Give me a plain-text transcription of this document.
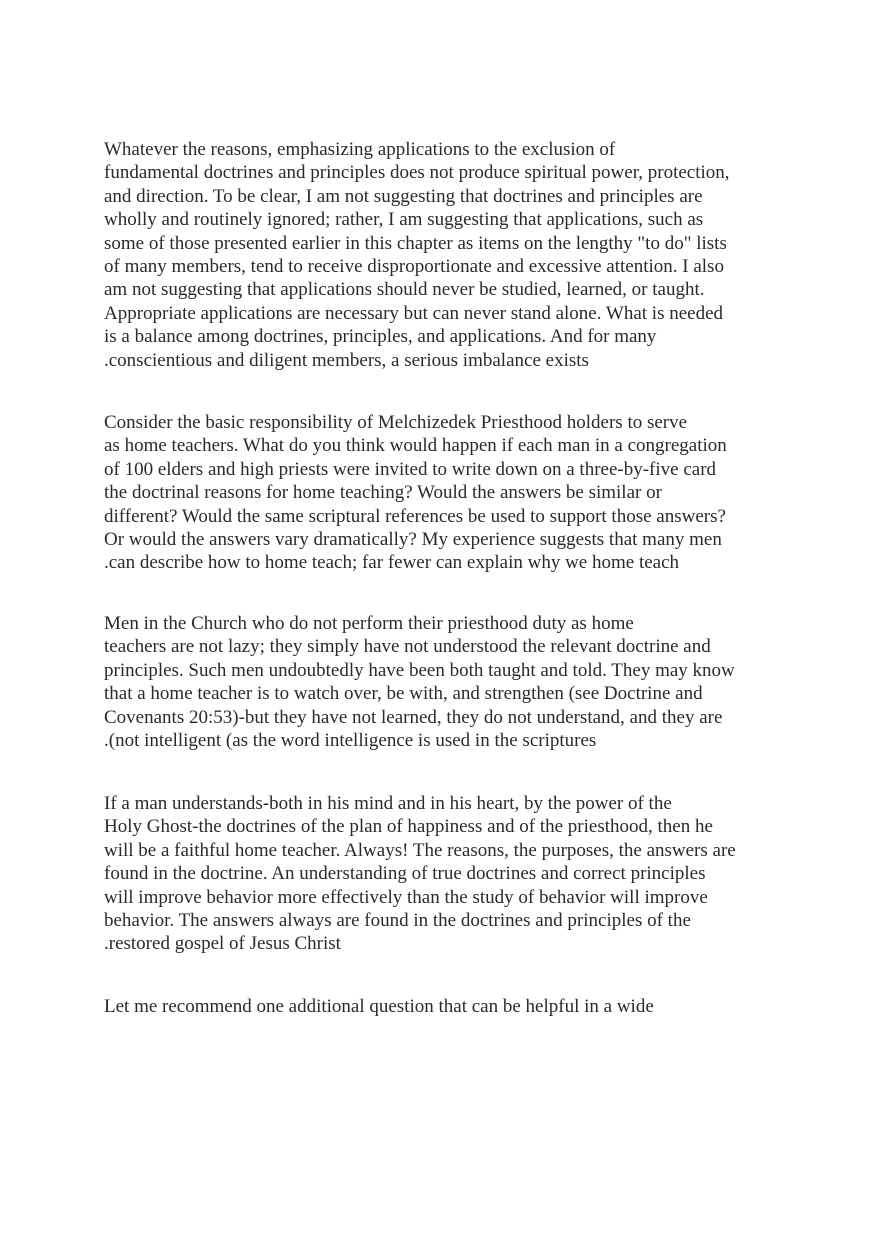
Whatever the reasons, emphasizing applications to the exclusion of
fundamental doctrines and principles does not produce spiritual power, protection,
and direction. To be clear, I am not suggesting that doctrines and principles are
wholly and routinely ignored; rather, I am suggesting that applications, such as
some of those presented earlier in this chapter as items on the lengthy "to do" lists
of many members, tend to receive disproportionate and excessive attention. I also
am not suggesting that applications should never be studied, learned, or taught.
Appropriate applications are necessary but can never stand alone. What is needed
is a balance among doctrines, principles, and applications. And for many
.conscientious and diligent members, a serious imbalance exists
Consider the basic responsibility of Melchizedek Priesthood holders to serve
as home teachers. What do you think would happen if each man in a congregation
of 100 elders and high priests were invited to write down on a three-by-five card
the doctrinal reasons for home teaching? Would the answers be similar or
different? Would the same scriptural references be used to support those answers?
Or would the answers vary dramatically? My experience suggests that many men
.can describe how to home teach; far fewer can explain why we home teach
Men in the Church who do not perform their priesthood duty as home
teachers are not lazy; they simply have not understood the relevant doctrine and
principles. Such men undoubtedly have been both taught and told. They may know
that a home teacher is to watch over, be with, and strengthen (see Doctrine and
Covenants 20:53)-but they have not learned, they do not understand, and they are
.(not intelligent (as the word intelligence is used in the scriptures
If a man understands-both in his mind and in his heart, by the power of the
Holy Ghost-the doctrines of the plan of happiness and of the priesthood, then he
will be a faithful home teacher. Always! The reasons, the purposes, the answers are
found in the doctrine. An understanding of true doctrines and correct principles
will improve behavior more effectively than the study of behavior will improve
behavior. The answers always are found in the doctrines and principles of the
.restored gospel of Jesus Christ
Let me recommend one additional question that can be helpful in a wide
